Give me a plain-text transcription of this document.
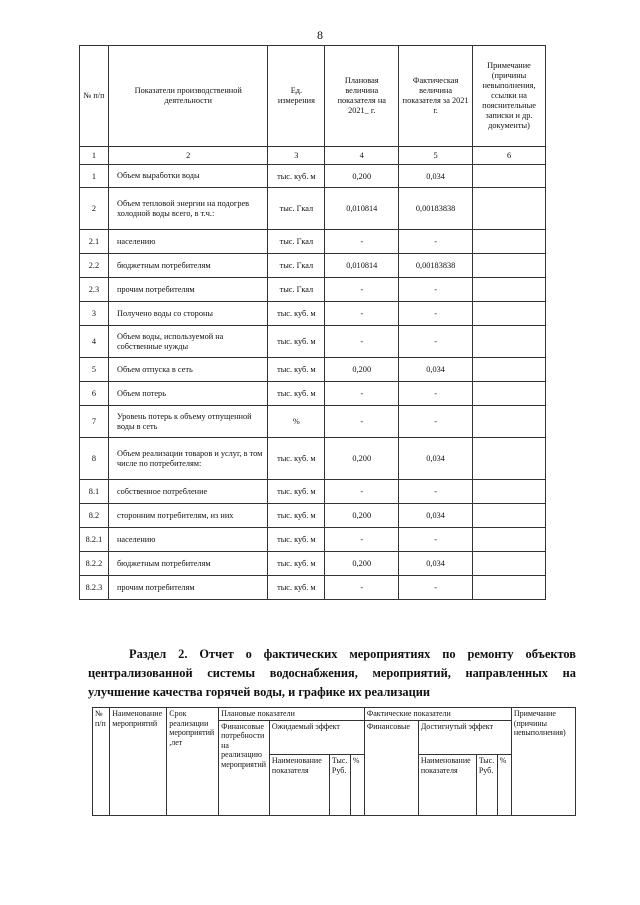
8
№ п/п	Показатели производственной деятельности	Ед. измерения	Плановая величина показателя на 2021_ г.	Фактическая величина показателя за 2021 г.	Примечание (причины невыполнения, ссылки на пояснительные записки и др. документы)
1	2	3	4	5	6
1	Объем выработки воды	тыс. куб. м	0,200	0,034	
2	Объем тепловой энергии на подогрев холодной воды всего, в т.ч.:	тыс. Гкал	0,010814	0,00183838	
2.1	населению	тыс. Гкал	-	-	
2.2	бюджетным потребителям	тыс. Гкал	0,010814	0,00183838	
2.3	прочим потребителям	тыс. Гкал	-	-	
3	Получено воды со стороны	тыс. куб. м	-	-	
4	Объем воды, используемой на собственные нужды	тыс. куб. м	-	-	
5	Объем отпуска в сеть	тыс. куб. м	0,200	0,034	
6	Объем потерь	тыс. куб. м	-	-	
7	Уровень потерь к объему отпущенной воды в сеть	%	-	-	
8	Объем реализации товаров и услуг, в том числе по потребителям:	тыс. куб. м	0,200	0,034	
8.1	собственное потребление	тыс. куб. м	-	-	
8.2	сторонним потребителям, из них	тыс. куб. м	0,200	0,034	
8.2.1	населению	тыс. куб. м	-	-	
8.2.2	бюджетным потребителям	тыс. куб. м	0,200	0,034	
8.2.3	прочим потребителям	тыс. куб. м	-	-	
Раздел 2. Отчет о фактических мероприятиях по ремонту объектов централизованной системы водоснабжения, мероприятий, направленных на улучшение качества горячей воды, и графике их реализации
№ п/п	Наименование мероприятий	Срок реализации мероприятий ,лет	Плановые показатели				Фактические показатели				Примечание (причины невыполнения)
			Финансовые потребности на реализацию мероприятий	Ожидаемый эффект			Финансовые	Достигнутый эффект			
				Наименование показателя	Тыс. Руб.	%		Наименование показателя	Тыс. Руб.	%	
